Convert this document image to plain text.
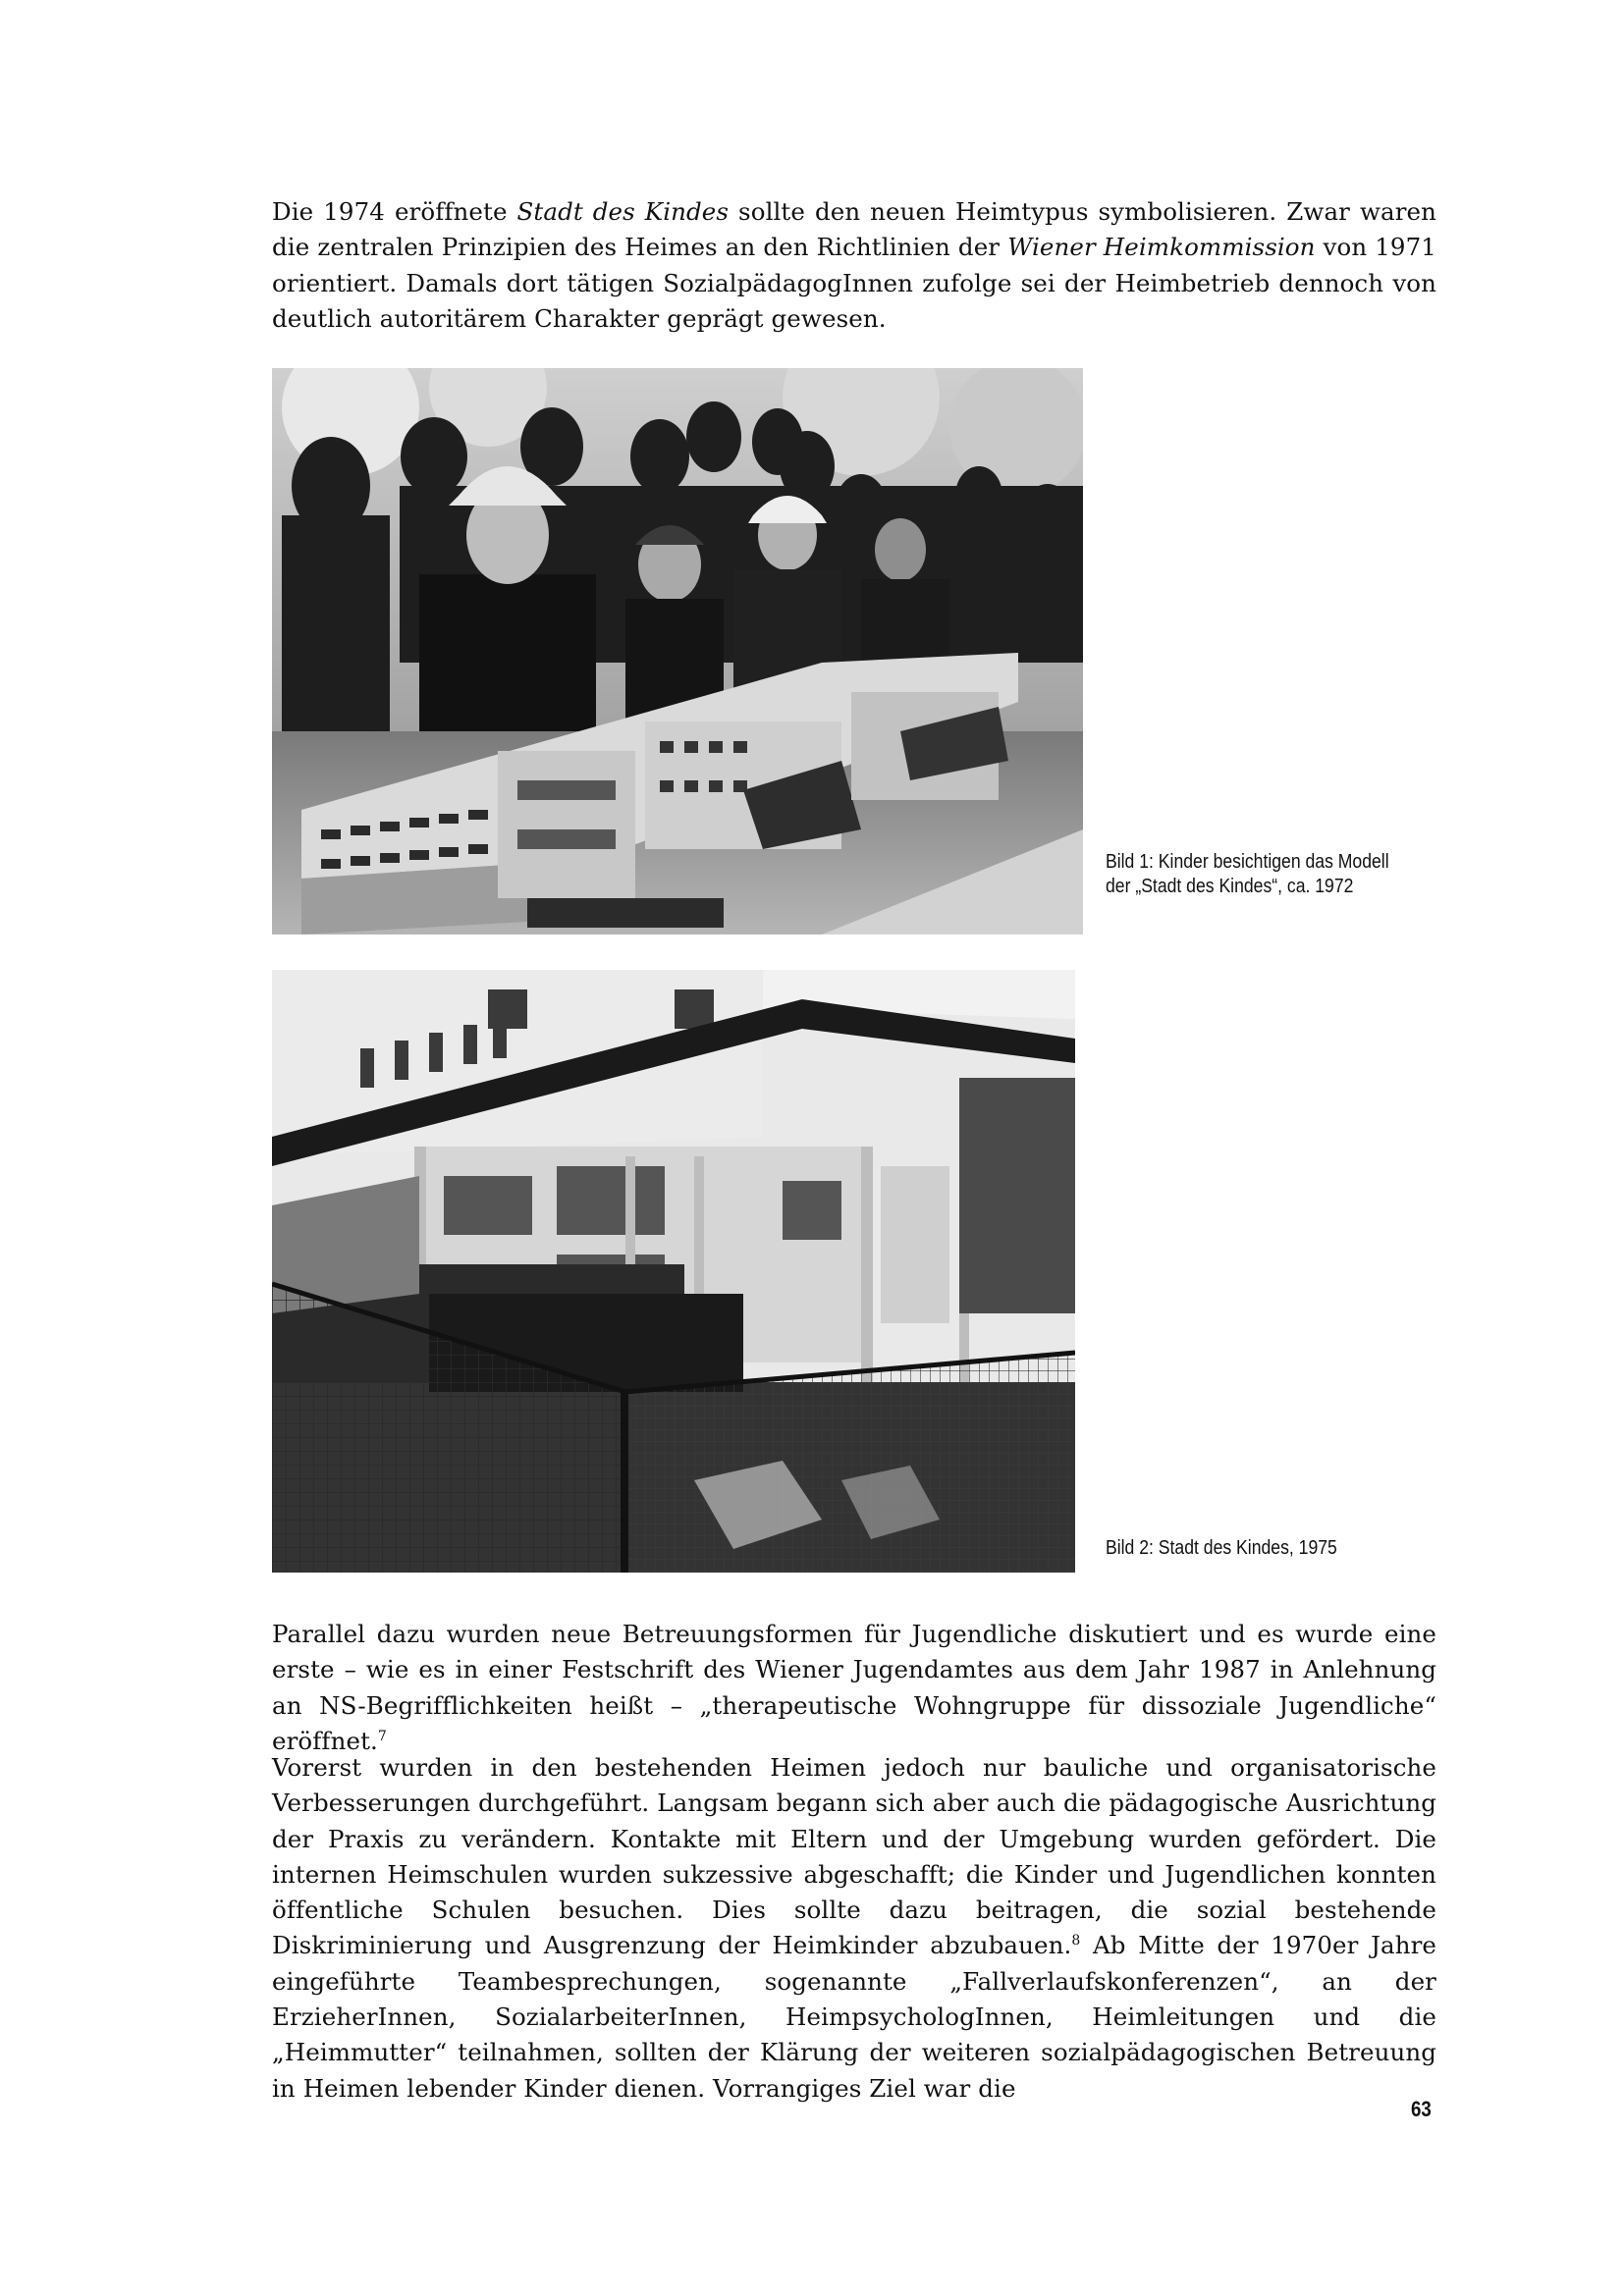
Die 1974 eröffnete Stadt des Kindes sollte den neuen Heimtypus symbolisieren. Zwar waren die zentralen Prinzipien des Heimes an den Richtlinien der Wiener Heimkommission von 1971 orientiert. Damals dort tätigen SozialpädagogInnen zufolge sei der Heimbetrieb dennoch von deutlich autoritärem Charakter geprägt gewesen.

Bild 1: Kinder besichtigen das Modell
der „Stadt des Kindes“, ca. 1972
Bild 2: Stadt des Kindes, 1975

Parallel dazu wurden neue Betreuungsformen für Jugendliche diskutiert und es wurde eine erste – wie es in einer Festschrift des Wiener Jugendamtes aus dem Jahr 1987 in Anlehnung an NS-Begrifflichkeiten heißt – „therapeutische Wohngruppe für dissoziale Jugendliche“ eröffnet.$^7$

Vorerst wurden in den bestehenden Heimen jedoch nur bauliche und organisatorische Verbesserungen durchgeführt. Langsam begann sich aber auch die pädagogische Ausrichtung der Praxis zu verändern. Kontakte mit Eltern und der Umgebung wurden gefördert. Die internen Heimschulen wurden sukzessive abgeschafft; die Kinder und Jugendlichen konnten öffentliche Schulen besuchen. Dies sollte dazu beitragen, die sozial bestehende Diskriminierung und Ausgrenzung der Heimkinder abzubauen.$^8$ Ab Mitte der 1970er Jahre eingeführte Teambesprechungen, sogenannte „Fallverlaufskonferenzen“, an der ErzieherInnen, SozialarbeiterInnen, HeimpsychologInnen, Heimleitungen und die „Heimmutter“ teilnahmen, sollten der Klärung der weiteren sozialpädagogischen Betreuung in Heimen lebender Kinder dienen. Vorrangiges Ziel war die

63
